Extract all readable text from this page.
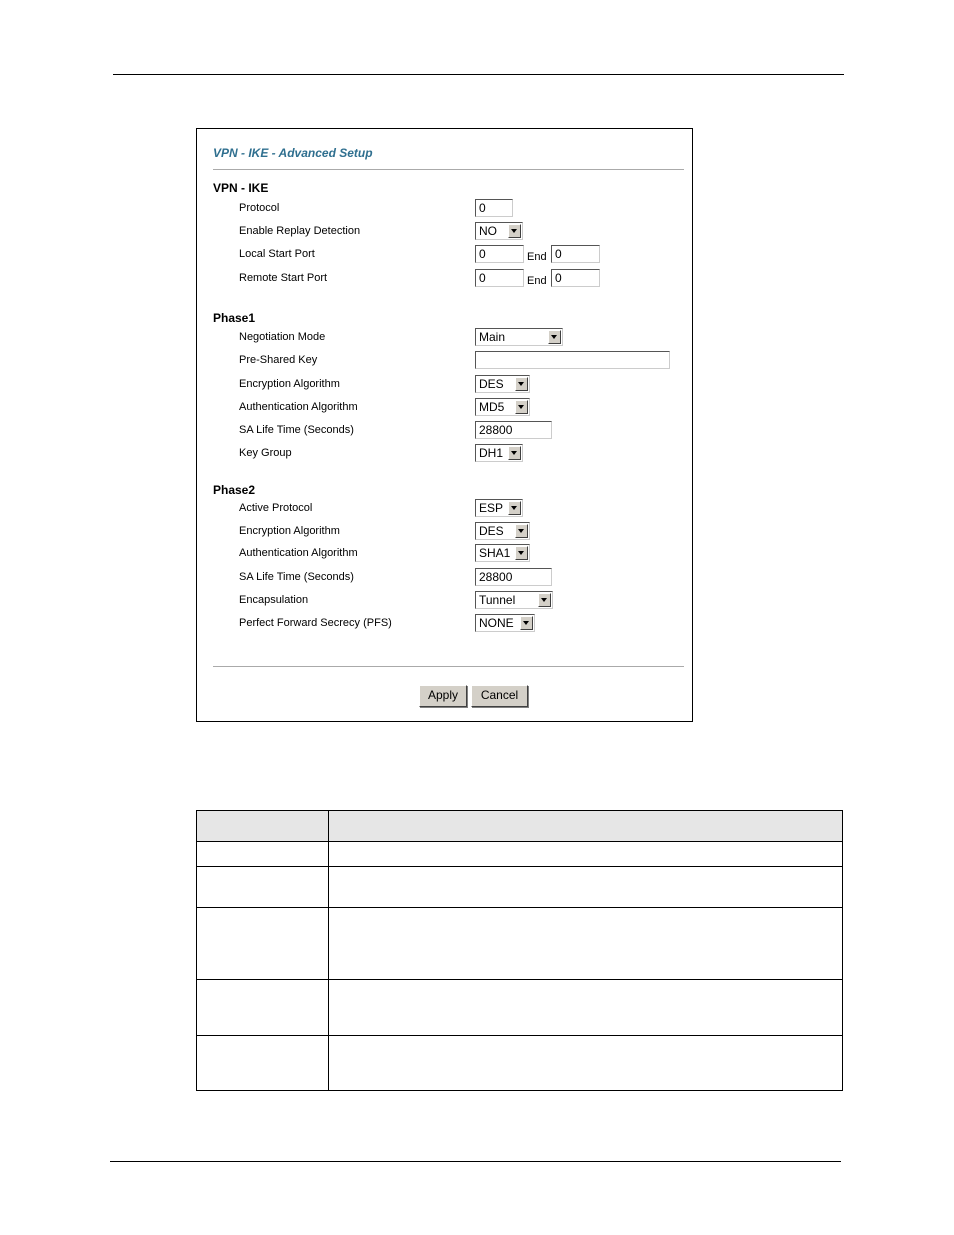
VPN - IKE - Advanced Setup
VPN - IKE
Protocol	0
Enable Replay Detection	NO
Local Start Port	0	End 0
Remote Start Port	0	End 0
Phase1
Negotiation Mode	Main
Pre-Shared Key
Encryption Algorithm	DES
Authentication Algorithm	MD5
SA Life Time (Seconds)	28800
Key Group	DH1
Phase2
Active Protocol	ESP
Encryption Algorithm	DES
Authentication Algorithm	SHA1
SA Life Time (Seconds)	28800
Encapsulation	Tunnel
Perfect Forward Secrecy (PFS)	NONE
Apply	Cancel
